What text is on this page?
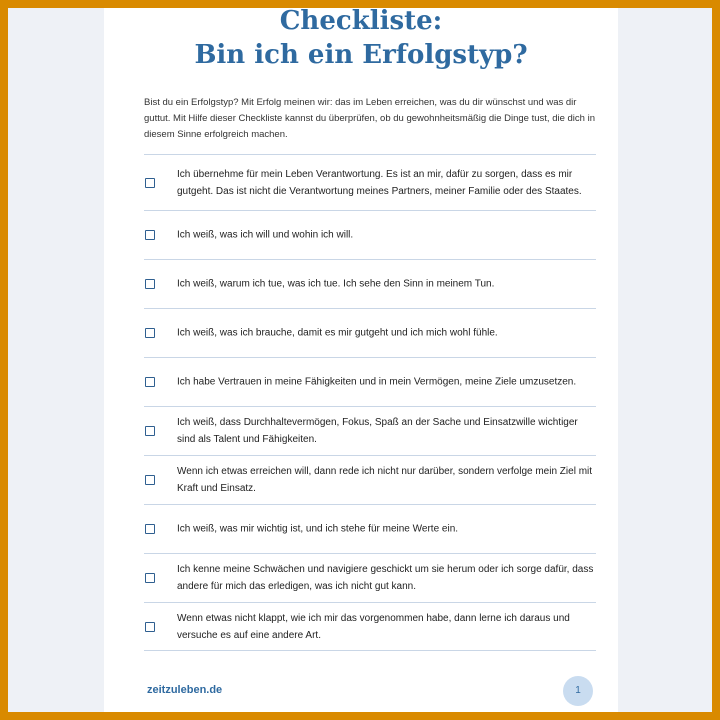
Checkliste:
Bin ich ein Erfolgstyp?
Bist du ein Erfolgstyp? Mit Erfolg meinen wir: das im Leben erreichen, was du dir wünschst und was dir guttut. Mit Hilfe dieser Checkliste kannst du überprüfen, ob du gewohnheitsmäßig die Dinge tust, die dich in diesem Sinne erfolgreich machen.
Ich übernehme für mein Leben Verantwortung. Es ist an mir, dafür zu sorgen, dass es mir gutgeht. Das ist nicht die Verantwortung meines Partners, meiner Familie oder des Staates.
Ich weiß, was ich will und wohin ich will.
Ich weiß, warum ich tue, was ich tue. Ich sehe den Sinn in meinem Tun.
Ich weiß, was ich brauche, damit es mir gutgeht und ich mich wohl fühle.
Ich habe Vertrauen in meine Fähigkeiten und in mein Vermögen, meine Ziele umzusetzen.
Ich weiß, dass Durchhaltevermögen, Fokus, Spaß an der Sache und Einsatzwille wichtiger sind als Talent und Fähigkeiten.
Wenn ich etwas erreichen will, dann rede ich nicht nur darüber, sondern verfolge mein Ziel mit Kraft und Einsatz.
Ich weiß, was mir wichtig ist, und ich stehe für meine Werte ein.
Ich kenne meine Schwächen und navigiere geschickt um sie herum oder ich sorge dafür, dass andere für mich das erledigen, was ich nicht gut kann.
Wenn etwas nicht klappt, wie ich mir das vorgenommen habe, dann lerne ich daraus und versuche es auf eine andere Art.
zeitzuleben.de	1
